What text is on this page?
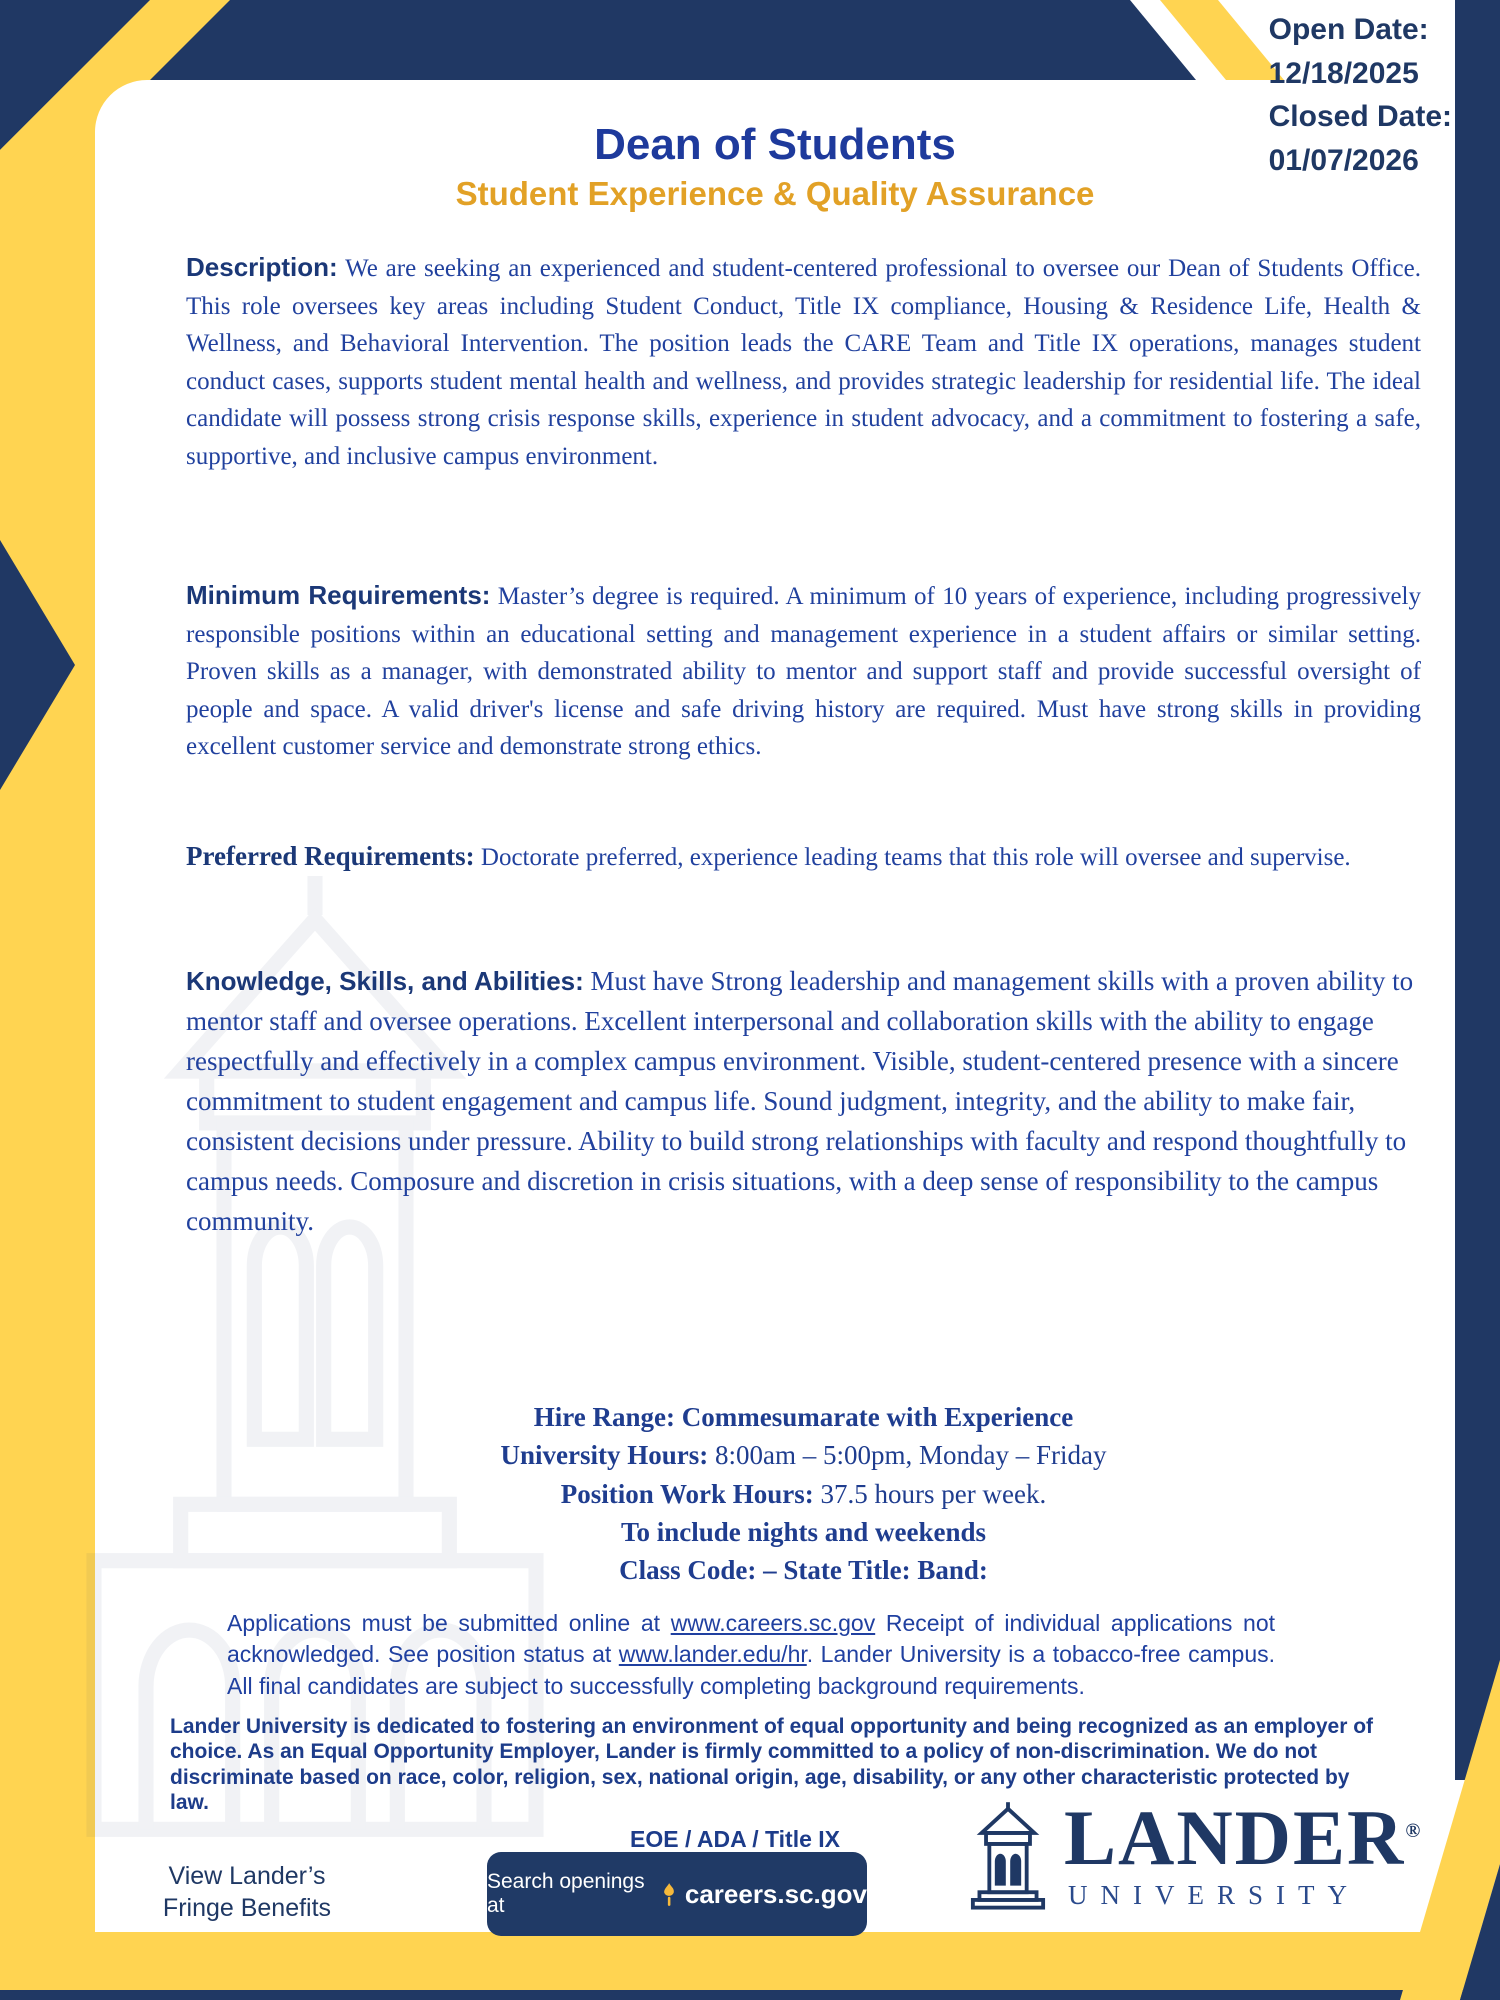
Open Date:
12/18/2025
Closed Date:
01/07/2026
Dean of Students
Student Experience & Quality Assurance

Description: We are seeking an experienced and student-centered professional to oversee our Dean of Students Office. This role oversees key areas including Student Conduct, Title IX compliance, Housing & Residence Life, Health & Wellness, and Behavioral Intervention. The position leads the CARE Team and Title IX operations, manages student conduct cases, supports student mental health and wellness, and provides strategic leadership for residential life. The ideal candidate will possess strong crisis response skills, experience in student advocacy, and a commitment to fostering a safe, supportive, and inclusive campus environment.

Minimum Requirements: Master’s degree is required. A minimum of 10 years of experience, including progressively responsible positions within an educational setting and management experience in a student affairs or similar setting. Proven skills as a manager, with demonstrated ability to mentor and support staff and provide successful oversight of people and space. A valid driver's license and safe driving history are required. Must have strong skills in providing excellent customer service and demonstrate strong ethics.

Preferred Requirements: Doctorate preferred, experience leading teams that this role will oversee and supervise.

Knowledge, Skills, and Abilities: Must have Strong leadership and management skills with a proven ability to mentor staff and oversee operations. Excellent interpersonal and collaboration skills with the ability to engage respectfully and effectively in a complex campus environment. Visible, student-centered presence with a sincere commitment to student engagement and campus life. Sound judgment, integrity, and the ability to make fair, consistent decisions under pressure. Ability to build strong relationships with faculty and respond thoughtfully to campus needs. Composure and discretion in crisis situations, with a deep sense of responsibility to the campus community.

Hire Range: Commesumarate with Experience
University Hours: 8:00am – 5:00pm, Monday – Friday
Position Work Hours: 37.5 hours per week.
To include nights and weekends
Class Code: – State Title: Band:

Applications must be submitted online at www.careers.sc.gov Receipt of individual applications not acknowledged. See position status at www.lander.edu/hr. Lander University is a tobacco-free campus. All final candidates are subject to successfully completing background requirements.

Lander University is dedicated to fostering an environment of equal opportunity and being recognized as an employer of choice. As an Equal Opportunity Employer, Lander is firmly committed to a policy of non-discrimination. We do not discriminate based on race, color, religion, sex, national origin, age, disability, or any other characteristic protected by law.

EOE / ADA / Title IX

View Lander’s
Fringe Benefits
Search openings at	careers.sc.gov
LANDER®
UNIVERSITY
